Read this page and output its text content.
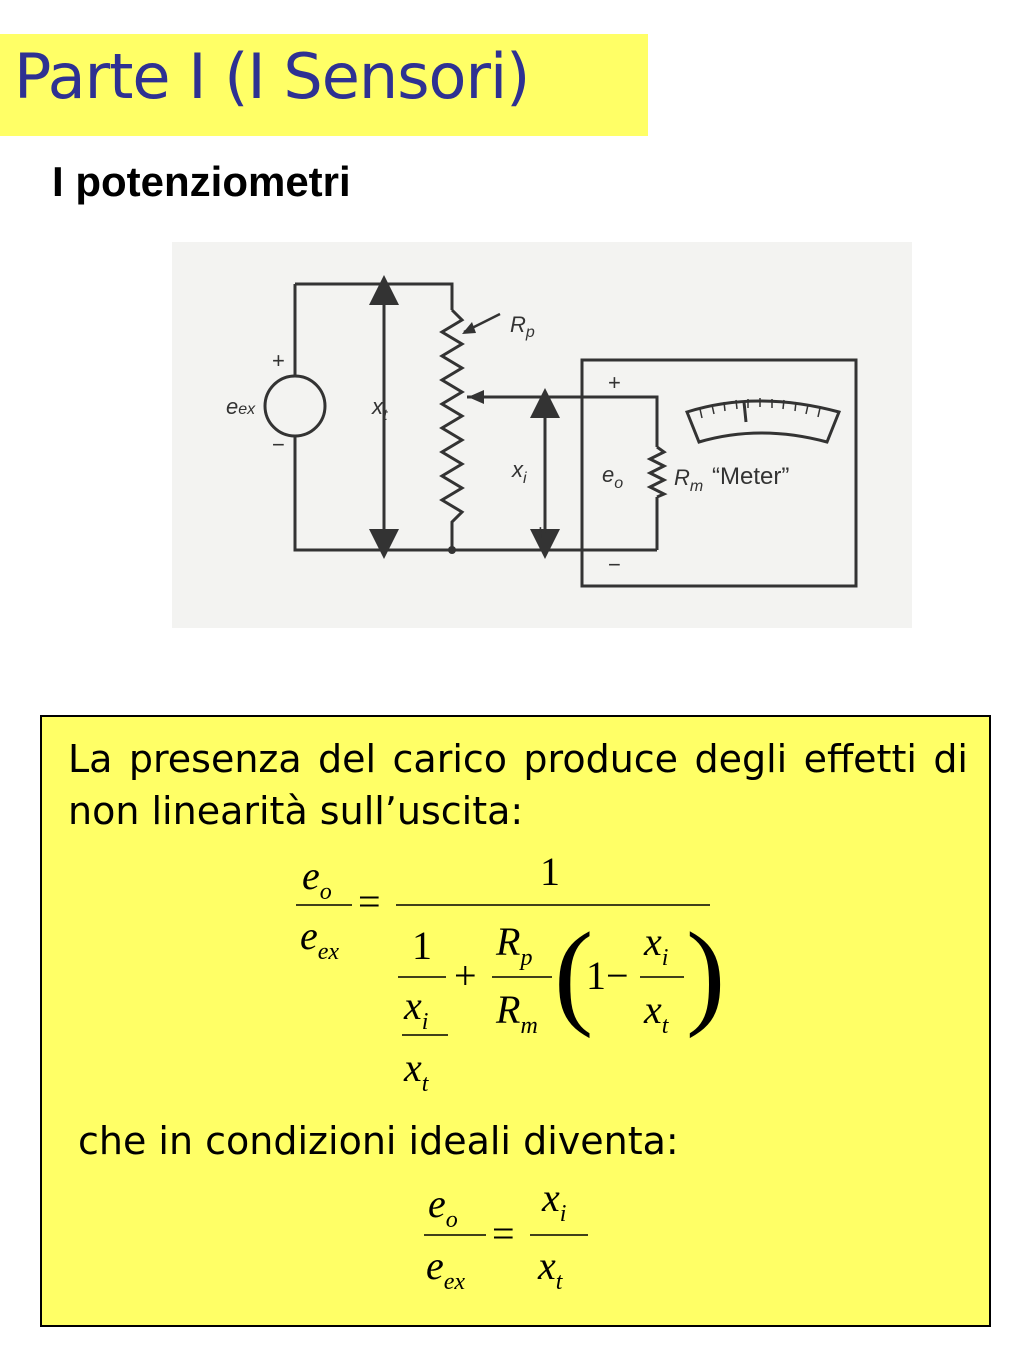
Parte I (I Sensori)
I potenziometri
+
−
eex	$x_t$
$R_p$
$x_i$
+
−
+
$e_o$ $R_m$ “Meter”

La presenza del carico produce degli effetti di non linearità sull’uscita:

$e_o$
$e_{ex}$
=
1
1
$x_i$
$x_t$
+
$R_p$
$R_m$ (
1−
$x_i$
$x_t$ )

che in condizioni ideali diventa:

$e_o$
$e_{ex}$
=
$x_i$
$x_t$
